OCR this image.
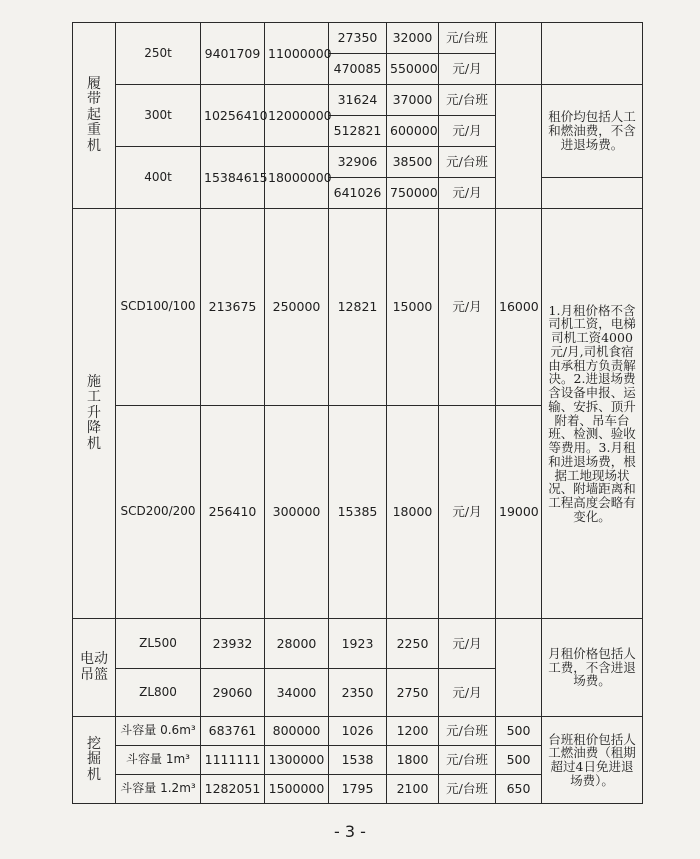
履
带
起
重
机	250t	9401709	11000000	27350	32000	元/台班		
				470085	550000	元/月		
	300t	10256410	12000000	31624	37000	元/台班		租价均包括人工和燃油费，不含进退场费。
				512821	600000	元/月		
	400t	15384615	18000000	32906	38500	元/台班		
				641026	750000	元/月		

施
工
升
降
机	SCD100/100	213675	250000	12821	15000	元/月	16000	1.月租价格不含司机工资，电梯司机工资4000元/月,司机食宿由承租方负责解决。2.进退场费含设备申报、运输、安拆、顶升附着、吊车台班、检测、验收等费用。3.月租和进退场费，根据工地现场状况、附墙距离和工程高度会略有变化。
	SCD200/200	256410	300000	15385	18000	元/月	19000	

电动
吊篮	ZL500	23932	28000	1923	2250	元/月		月租价格包括人工费，不含进退场费。
	ZL800	29060	34000	2350	2750	元/月		

挖
掘
机	斗容量 0.6m³	683761	800000	1026	1200	元/台班	500	台班租价包括人工燃油费（租期超过4日免进退场费）。
	斗容量 1m³	1111111	1300000	1538	1800	元/台班	500	
	斗容量 1.2m³	1282051	1500000	1795	2100	元/台班	650	
- 3 -
